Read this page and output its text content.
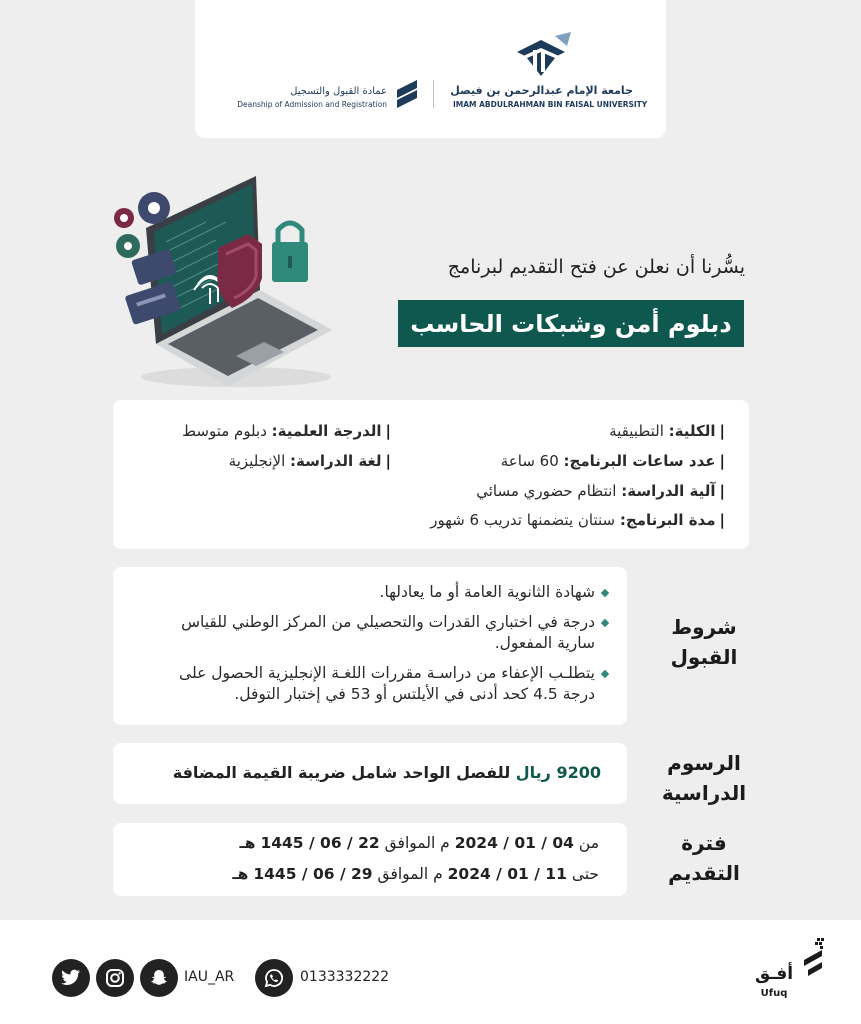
جامعة الإمام عبدالرحمن بن فيصل
IMAM ABDULRAHMAN BIN FAISAL UNIVERSITY
عمادة القبول والتسجيل
Deanship of Admission and Registration
يسُّرنا أن نعلن عن فتح التقديم لبرنامج
دبلوم أمن وشبكات الحاسب
|الكلية: التطبيقية
|الدرجة العلمية: دبلوم متوسط
|عدد ساعات البرنامج: 60 ساعة
|لغة الدراسة: الإنجليزية
|آلية الدراسة: انتظام حضوري مسائي
|مدة البرنامج: سنتان يتضمنها تدريب 6 شهور
شروط
القبول
شهادة الثانوية العامة أو ما يعادلها.
درجة في اختباري القدرات والتحصيلي من المركز الوطني للقياس
سارية المفعول.
يتطلـب الإعفاء من دراسـة مقررات اللغـة الإنجليزية الحصول على
درجة 4.5 كحد أدنى في الأيلتس أو 53 في إختبار التوفل.
الرسوم
الدراسية
9200 ريال للفصل الواحد شامل ضريبة القيمة المضافة
فترة
التقديم
من 04 / 01 / 2024 م الموافق 22 / 06 / 1445 هـ
حتى 11 / 01 / 2024 م الموافق 29 / 06 / 1445 هـ
IAU_AR	0133332222	أفـق
Ufuq
